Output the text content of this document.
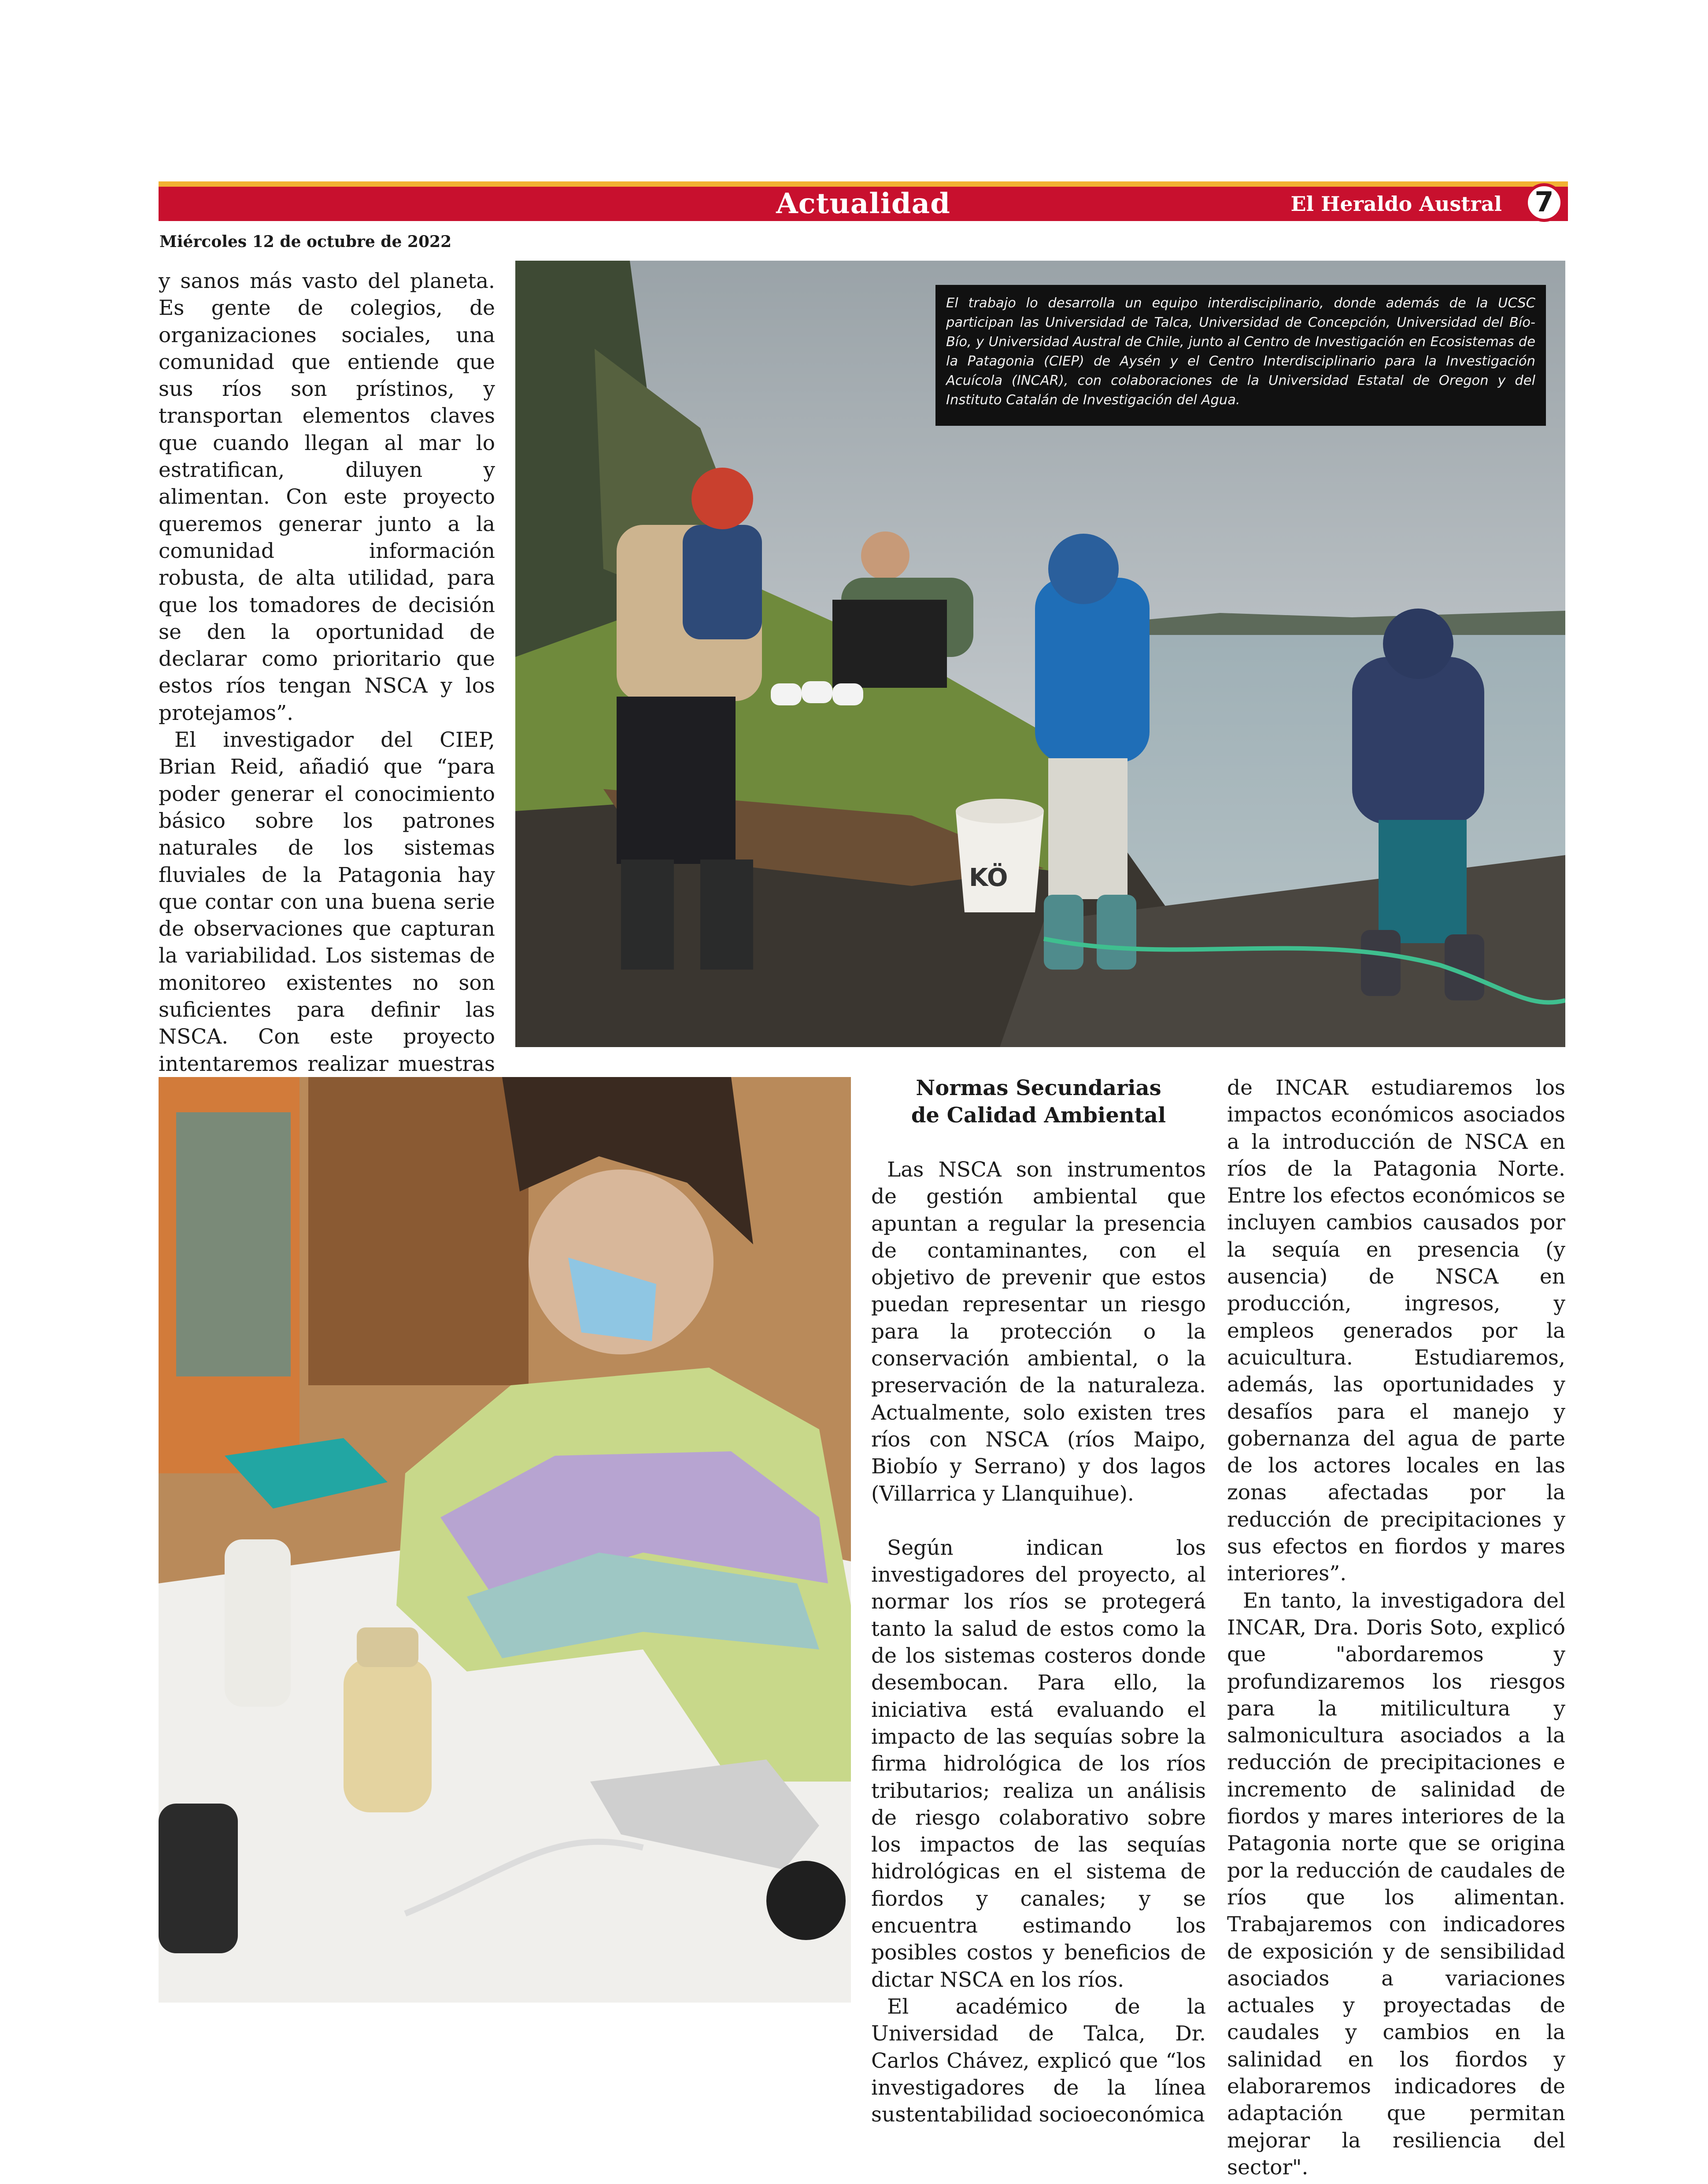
Actualidad	El Heraldo Austral	7
Miércoles 12 de octubre de 2022

y sanos más vasto del planeta. Es gente de colegios, de organizaciones sociales, una comunidad que entiende que sus ríos son prístinos, y transportan elementos claves que cuando llegan al mar lo estratifican, diluyen y alimentan. Con este proyecto queremos generar junto a la comunidad información robusta, de alta utilidad, para que los tomadores de decisión se den la oportunidad de declarar como prioritario que estos ríos tengan NSCA y los protejamos”.

El investigador del CIEP, Brian Reid, añadió que “para poder generar el conocimiento básico sobre los patrones naturales de los sistemas fluviales de la Patagonia hay que contar con una buena serie de observaciones que capturan la variabilidad. Los sistemas de monitoreo existentes no son suficientes para definir las NSCA. Con este proyecto intentaremos realizar muestras

KÖ
El trabajo lo desarrolla un equipo interdisciplinario, donde además de la UCSC participan las Universidad de Talca, Universidad de Concepción, Universidad del Bío-Bío, y Universidad Austral de Chile, junto al Centro de Investigación en Ecosistemas de la Patagonia (CIEP) de Aysén y el Centro Interdisciplinario para la Investigación Acuícola (INCAR), con colaboraciones de la Universidad Estatal de Oregon y del Instituto Catalán de Investigación del Agua.
Normas Secundarias
de Calidad Ambiental

Las NSCA son instrumentos de gestión ambiental que apuntan a regular la presencia de contaminantes, con el objetivo de prevenir que estos puedan representar un riesgo para la protección o la conservación ambiental, o la preservación de la naturaleza. Actualmente, solo existen tres ríos con NSCA (ríos Maipo, Biobío y Serrano) y dos lagos (Villarrica y Llanquihue).

Según indican los investigadores del proyecto, al normar los ríos se protegerá tanto la salud de estos como la de los sistemas costeros donde desembocan. Para ello, la iniciativa está evaluando el impacto de las sequías sobre la firma hidrológica de los ríos tributarios; realiza un análisis de riesgo colaborativo sobre los impactos de las sequías hidrológicas en el sistema de fiordos y canales; y se encuentra estimando los posibles costos y beneficios de dictar NSCA en los ríos.

El académico de la Universidad de Talca, Dr. Carlos Chávez, explicó que “los investigadores de la línea sustentabilidad socioeconómica

de INCAR estudiaremos los impactos económicos asociados a la introducción de NSCA en ríos de la Patagonia Norte. Entre los efectos económicos se incluyen cambios causados por la sequía en presencia (y ausencia) de NSCA en producción, ingresos, y empleos generados por la acuicultura. Estudiaremos, además, las oportunidades y desafíos para el manejo y gobernanza del agua de parte de los actores locales en las zonas afectadas por la reducción de precipitaciones y sus efectos en fiordos y mares interiores”.

En tanto, la investigadora del INCAR, Dra. Doris Soto, explicó que "abordaremos y profundizaremos los riesgos para la mitilicultura y salmonicultura asociados a la reducción de precipitaciones e incremento de salinidad de fiordos y mares interiores de la Patagonia norte que se origina por la reducción de caudales de ríos que los alimentan. Trabajaremos con indicadores de exposición y de sensibilidad asociados a variaciones actuales y proyectadas de caudales y cambios en la salinidad en los fiordos y elaboraremos indicadores de adaptación que permitan mejorar la resiliencia del sector".
